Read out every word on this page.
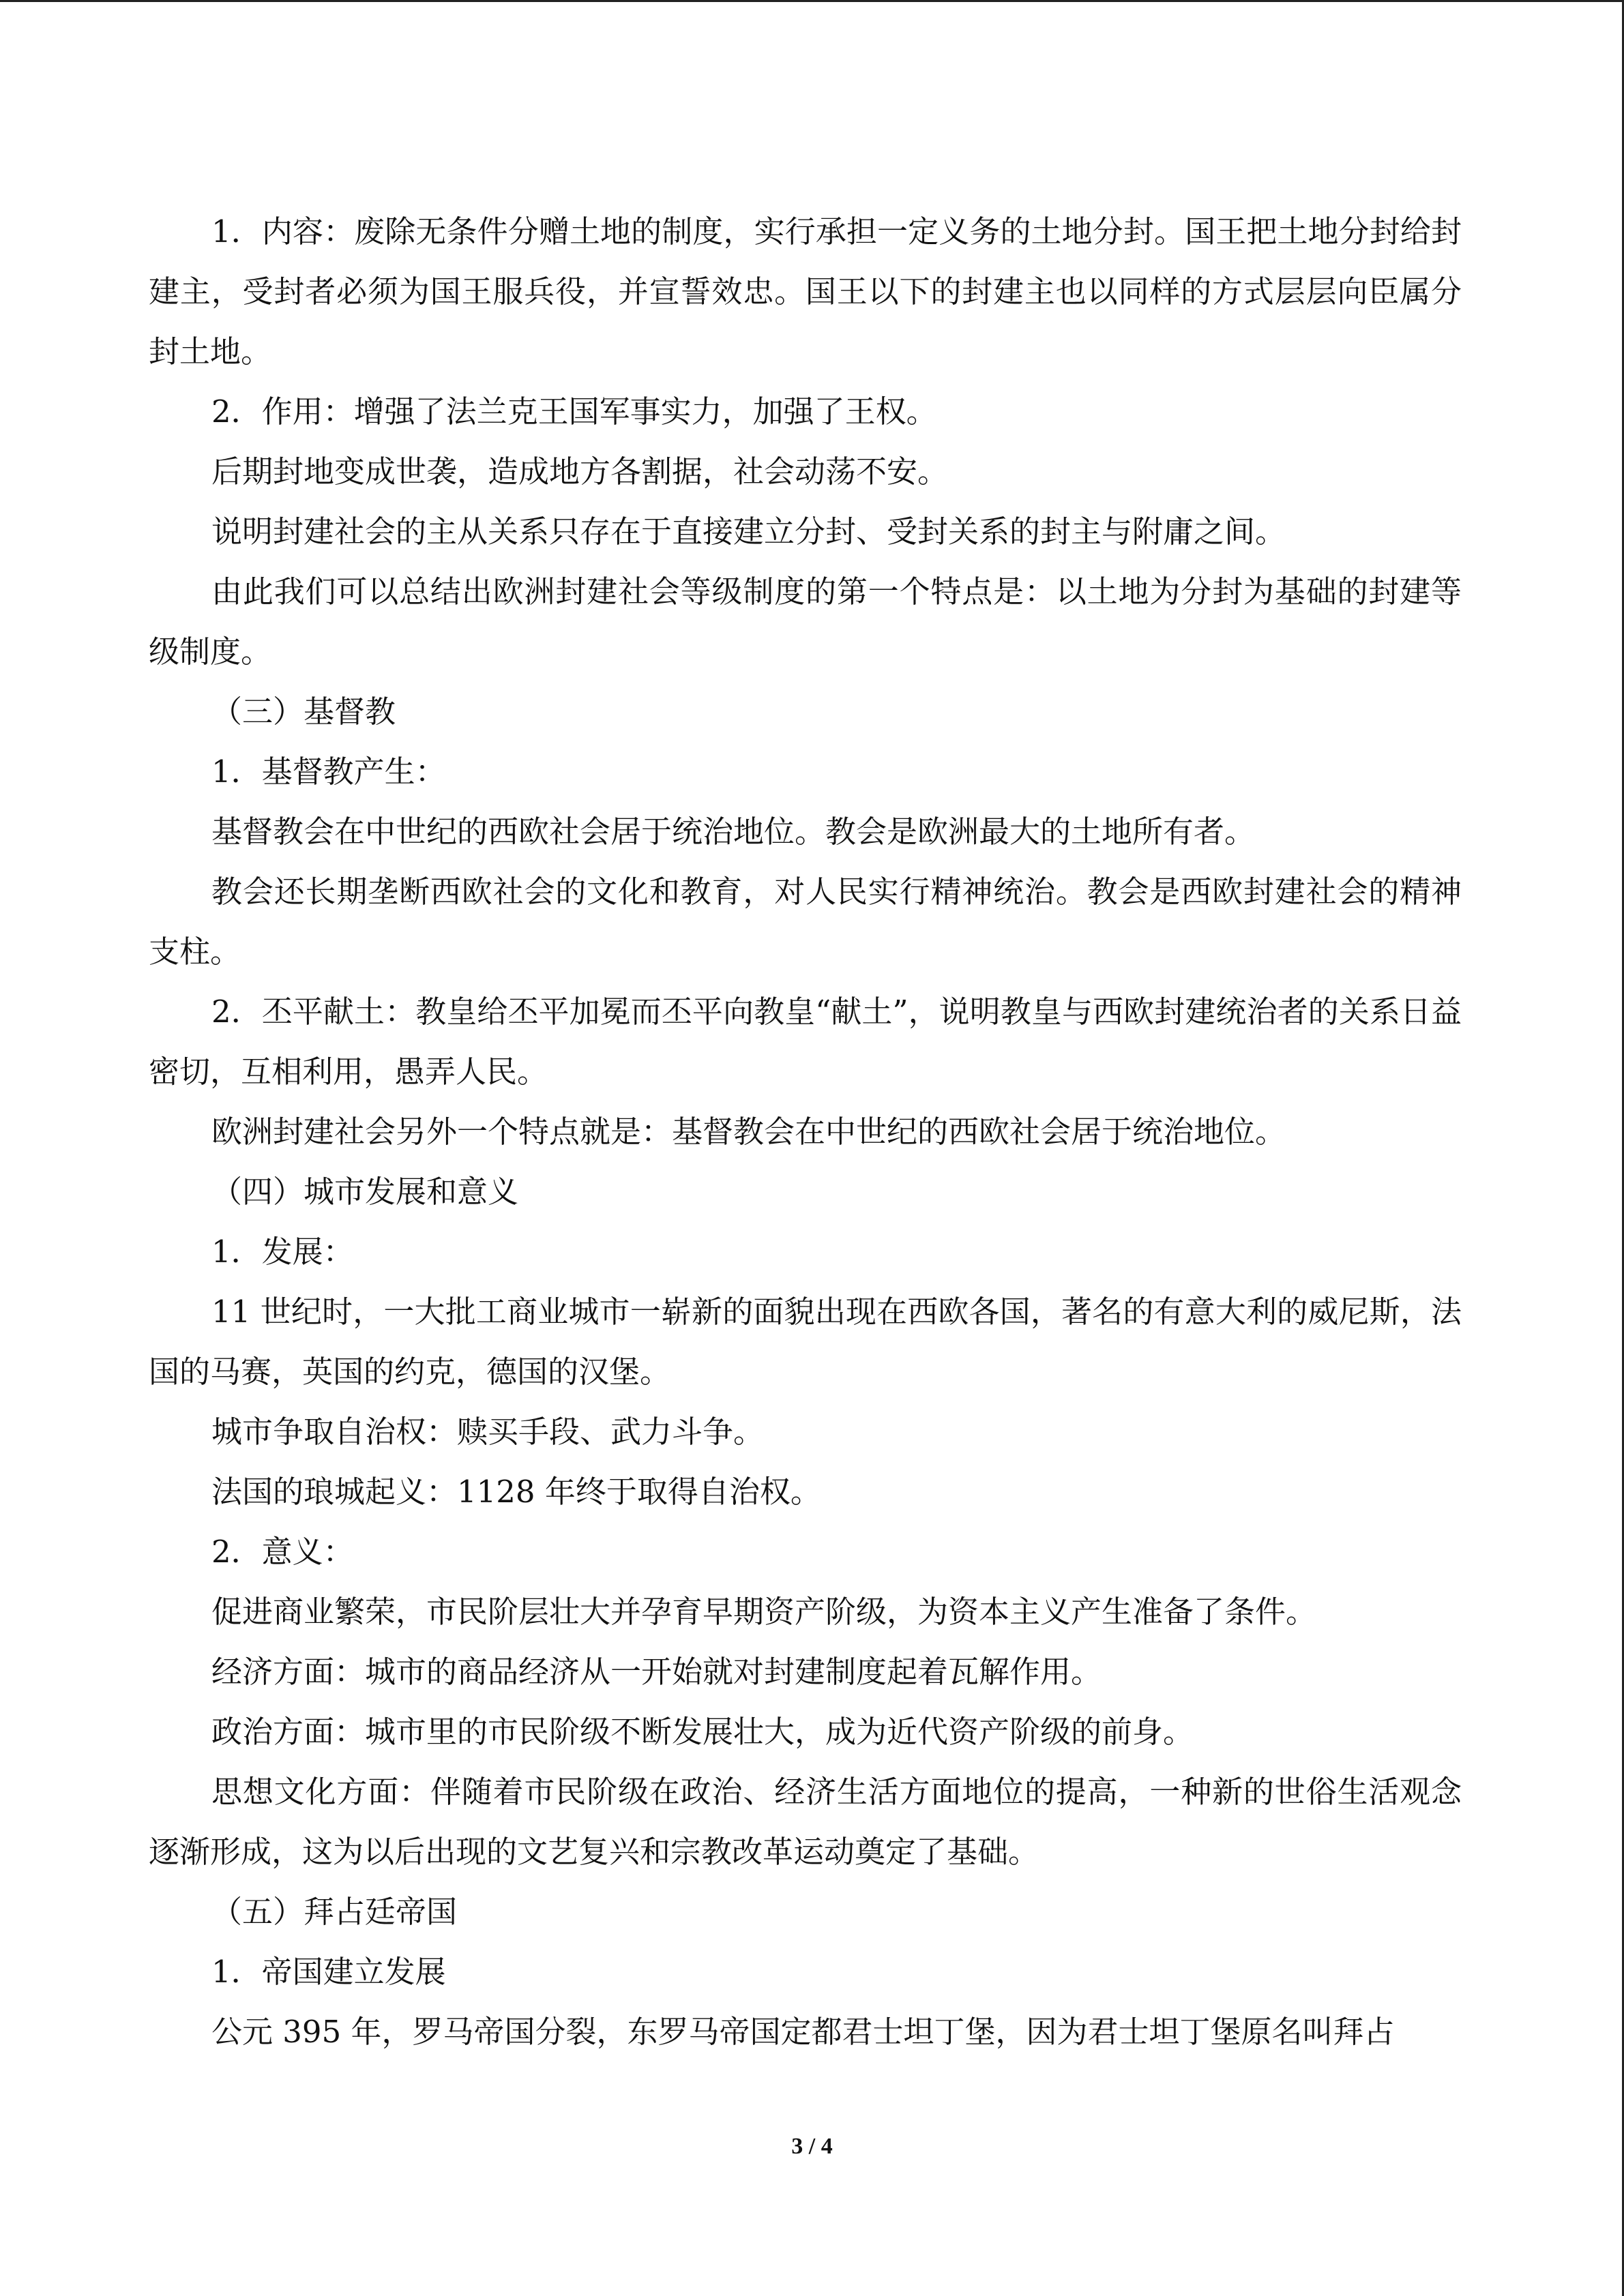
1．内容：废除无条件分赠土地的制度，实行承担一定义务的土地分封。国王把土地分封给封建主，受封者必须为国王服兵役，并宣誓效忠。国王以下的封建主也以同样的方式层层向臣属分封土地。

2．作用：增强了法兰克王国军事实力，加强了王权。

后期封地变成世袭，造成地方各割据，社会动荡不安。

说明封建社会的主从关系只存在于直接建立分封、受封关系的封主与附庸之间。

由此我们可以总结出欧洲封建社会等级制度的第一个特点是：以土地为分封为基础的封建等级制度。

（三）基督教

1．基督教产生：

基督教会在中世纪的西欧社会居于统治地位。教会是欧洲最大的土地所有者。

教会还长期垄断西欧社会的文化和教育，对人民实行精神统治。教会是西欧封建社会的精神支柱。

2．丕平献土：教皇给丕平加冕而丕平向教皇“献土”，说明教皇与西欧封建统治者的关系日益密切，互相利用，愚弄人民。

欧洲封建社会另外一个特点就是：基督教会在中世纪的西欧社会居于统治地位。

（四）城市发展和意义

1．发展：

11 世纪时，一大批工商业城市一崭新的面貌出现在西欧各国，著名的有意大利的威尼斯，法国的马赛，英国的约克，德国的汉堡。

城市争取自治权：赎买手段、武力斗争。

法国的琅城起义：1128 年终于取得自治权。

2．意义：

促进商业繁荣，市民阶层壮大并孕育早期资产阶级，为资本主义产生准备了条件。

经济方面：城市的商品经济从一开始就对封建制度起着瓦解作用。

政治方面：城市里的市民阶级不断发展壮大，成为近代资产阶级的前身。

思想文化方面：伴随着市民阶级在政治、经济生活方面地位的提高，一种新的世俗生活观念逐渐形成，这为以后出现的文艺复兴和宗教改革运动奠定了基础。

（五）拜占廷帝国

1．帝国建立发展

公元 395 年，罗马帝国分裂，东罗马帝国定都君士坦丁堡，因为君士坦丁堡原名叫拜占

3 / 4
